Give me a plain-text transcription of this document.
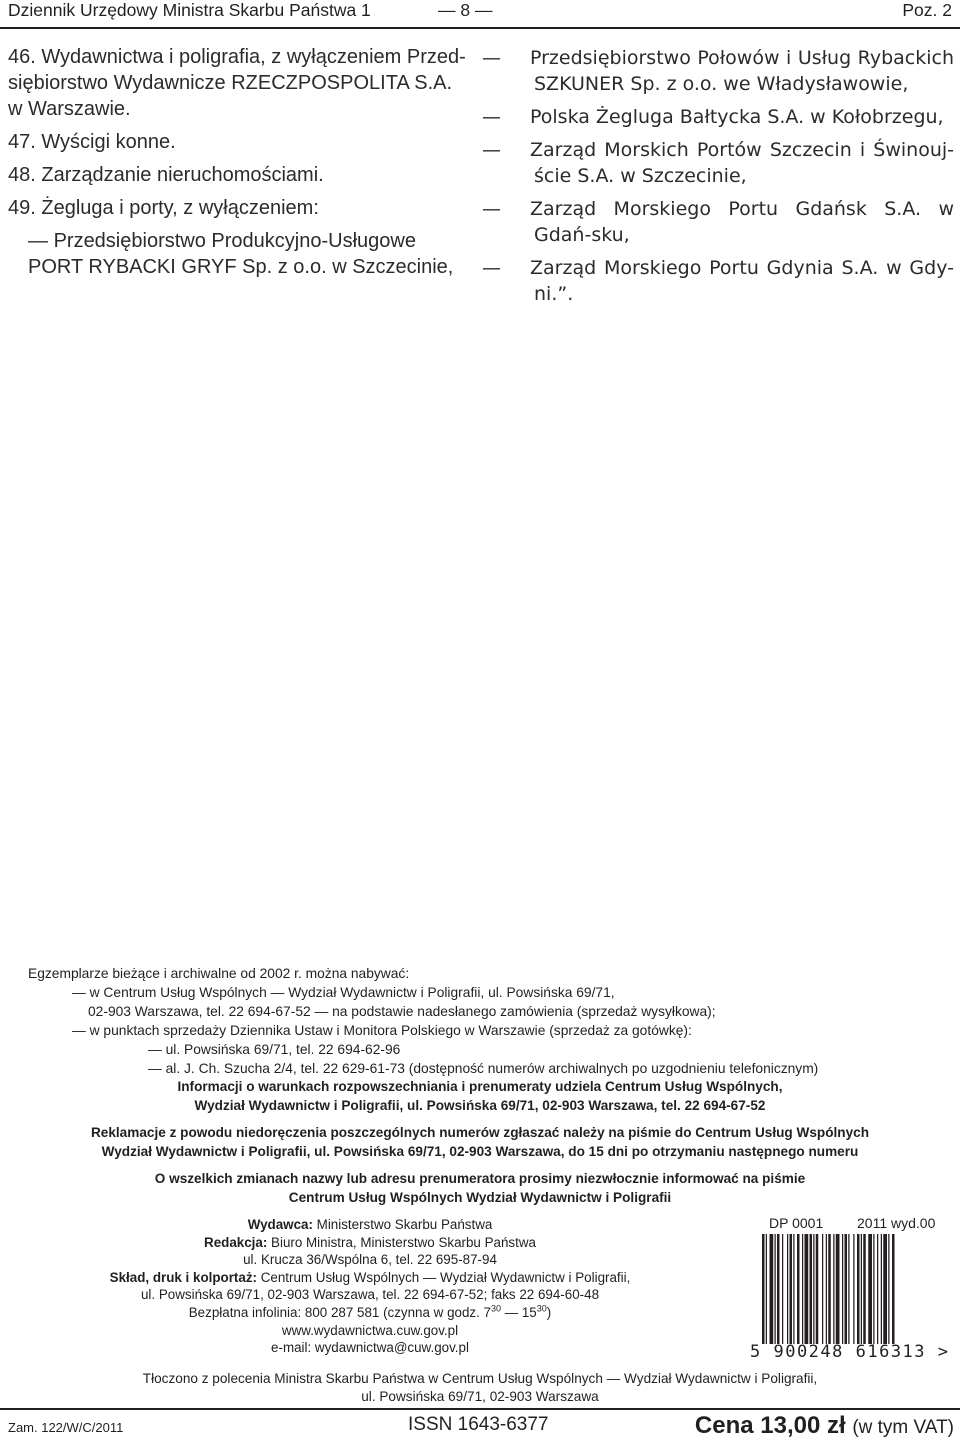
Dziennik Urzędowy Ministra Skarbu Państwa 1	— 8 —	Poz. 2
46. Wydawnictwa i poligrafia, z wyłączeniem Przed-siębiorstwo Wydawnicze RZECZPOSPOLITA S.A. w Warszawie.
47. Wyścigi konne.
48. Zarządzanie nieruchomościami.
49. Żegluga i porty, z wyłączeniem:
— Przedsiębiorstwo Produkcyjno-Usługowe PORT RYBACKI GRYF Sp. z o.o. w Szczecinie,
— Przedsiębiorstwo Połowów i Usług Rybackich SZKUNER Sp. z o.o. we Władysławowie,
— Polska Żegluga Bałtycka S.A. w Kołobrzegu,
— Zarząd Morskich Portów Szczecin i Świnouj-ście S.A. w Szczecinie,
— Zarząd Morskiego Portu Gdańsk S.A. w Gdań-sku,
— Zarząd Morskiego Portu Gdynia S.A. w Gdy-ni.”.
Egzemplarze bieżące i archiwalne od 2002 r. można nabywać:
— w Centrum Usług Wspólnych — Wydział Wydawnictw i Poligrafii, ul. Powsińska 69/71,
02-903 Warszawa, tel. 22 694-67-52 — na podstawie nadesłanego zamówienia (sprzedaż wysyłkowa);
— w punktach sprzedaży Dziennika Ustaw i Monitora Polskiego w Warszawie (sprzedaż za gotówkę):
— ul. Powsińska 69/71, tel. 22 694-62-96
— al. J. Ch. Szucha 2/4, tel. 22 629-61-73 (dostępność numerów archiwalnych po uzgodnieniu telefonicznym)
Informacji o warunkach rozpowszechniania i prenumeraty udziela Centrum Usług Wspólnych,
Wydział Wydawnictw i Poligrafii, ul. Powsińska 69/71, 02-903 Warszawa, tel. 22 694-67-52
Reklamacje z powodu niedoręczenia poszczególnych numerów zgłaszać należy na piśmie do Centrum Usług Wspólnych
Wydział Wydawnictw i Poligrafii, ul. Powsińska 69/71, 02-903 Warszawa, do 15 dni po otrzymaniu następnego numeru
O wszelkich zmianach nazwy lub adresu prenumeratora prosimy niezwłocznie informować na piśmie
Centrum Usług Wspólnych Wydział Wydawnictw i Poligrafii
Wydawca: Ministerstwo Skarbu Państwa
Redakcja: Biuro Ministra, Ministerstwo Skarbu Państwa
ul. Krucza 36/Wspólna 6, tel. 22 695-87-94
Skład, druk i kolportaż: Centrum Usług Wspólnych — Wydział Wydawnictw i Poligrafii,
ul. Powsińska 69/71, 02-903 Warszawa, tel. 22 694-67-52; faks 22 694-60-48
Bezpłatna infolinia: 800 287 581 (czynna w godz. $7^{30}$ — $15^{30}$)
www.wydawnictwa.cuw.gov.pl
e-mail: wydawnictwa@cuw.gov.pl
DP 0001 2011 wyd.00
5 900248 616313 >
Tłoczono z polecenia Ministra Skarbu Państwa w Centrum Usług Wspólnych — Wydział Wydawnictw i Poligrafii,
ul. Powsińska 69/71, 02-903 Warszawa
Zam. 122/W/C/2011	ISSN 1643-6377	Cena 13,00 zł (w tym VAT)
